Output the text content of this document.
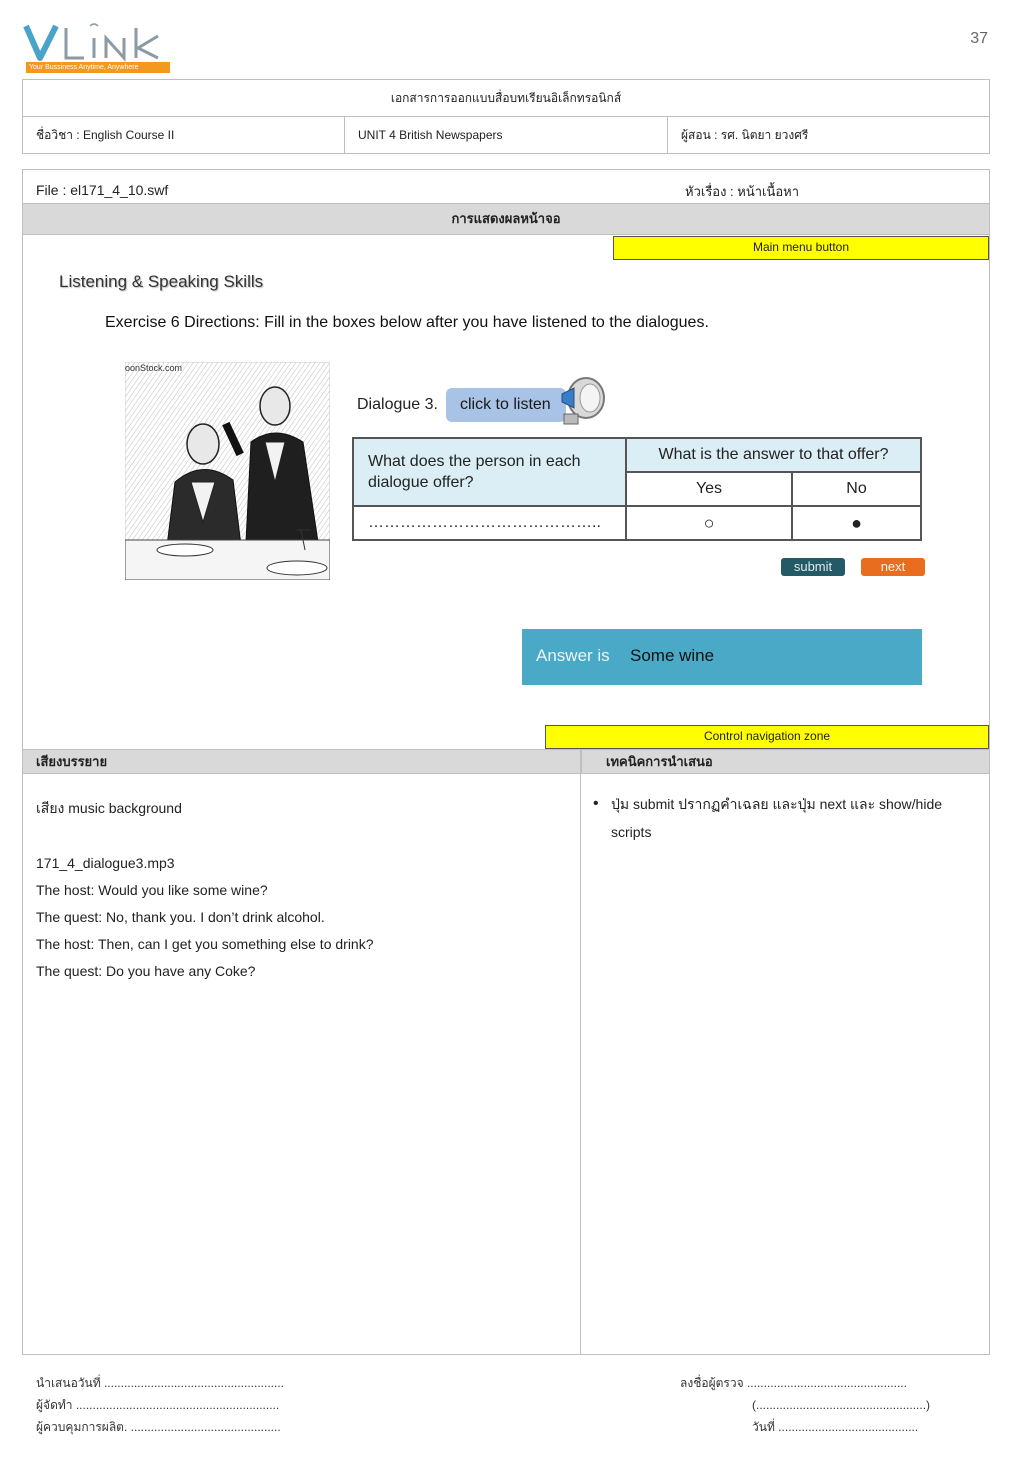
Your Bussiness Anytime, Anywhere
37
เอกสารการออกแบบสื่อบทเรียนอิเล็กทรอนิกส์
ชื่อวิชา : English Course II	UNIT 4 British Newspapers	ผู้สอน : รศ. นิตยา ยวงศรี
File : el171_4_10.swf	หัวเรื่อง : หน้าเนื้อหา
การแสดงผลหน้าจอ
Main menu button
Listening & Speaking Skills
Exercise 6 Directions: Fill in the boxes below after you have listened to the dialogues.
oonStock.com
Dialogue 3.	click to listen
What does the person in each dialogue offer?	What is the answer to that offer?	
	Yes	No
……………………………………..	○	●
submit	next
Answer is Some wine
Control navigation zone
เสียงบรรยาย	เทคนิคการนำเสนอ
เสียง music background
171_4_dialogue3.mp3
The host: Would you like some wine?
The quest: No, thank you. I don’t drink alcohol.
The host: Then, can I get you something else to drink?
The quest: Do you have any Coke?
• ปุ่ม submit ปรากฏคำเฉลย และปุ่ม next และ show/hide scripts
นำเสนอวันที่ ......................................................
ผู้จัดทำ .............................................................
ผู้ควบคุมการผลิต. .............................................
ลงชื่อผู้ตรวจ ................................................
(...................................................)
วันที่ ..........................................
